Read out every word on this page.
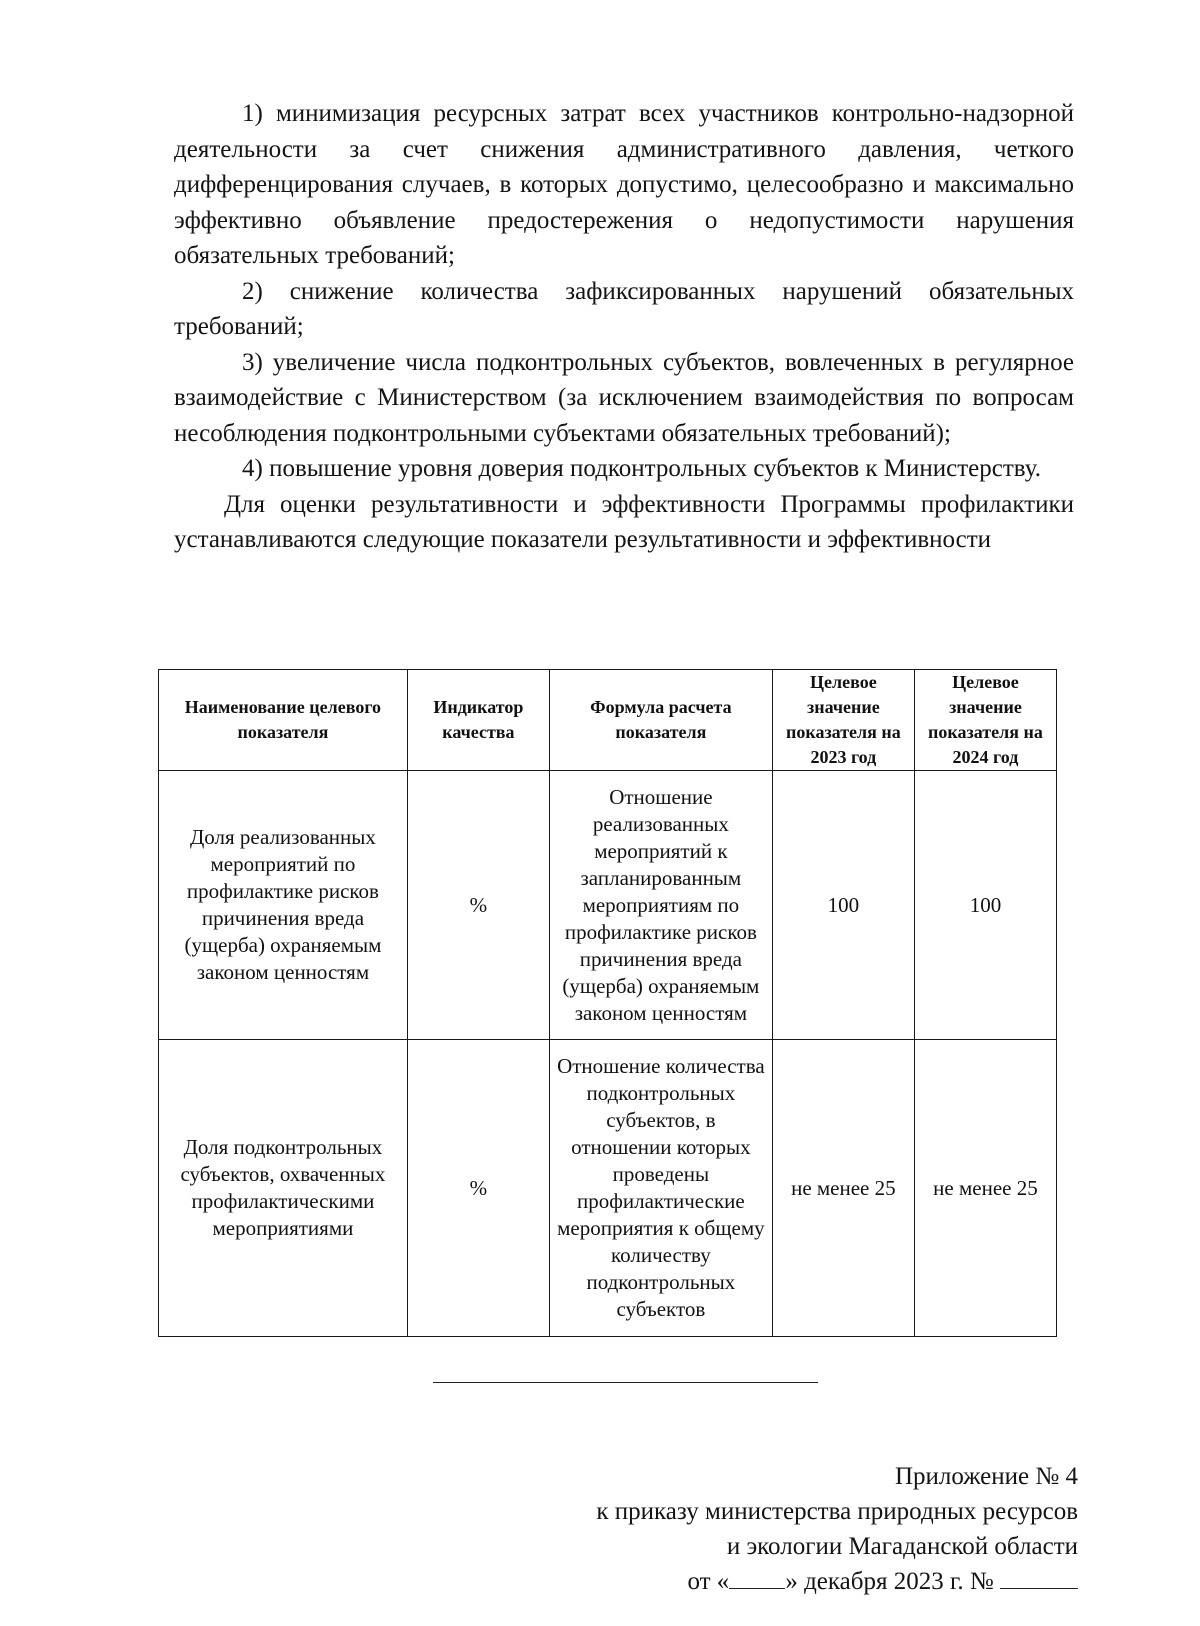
1) минимизация ресурсных затрат всех участников контрольно-надзорной деятельности за счет снижения административного давления, четкого дифференцирования случаев, в которых допустимо, целесообразно и максимально эффективно объявление предостережения о недопустимости нарушения обязательных требований;

2) снижение количества зафиксированных нарушений обязательных требований;

3) увеличение числа подконтрольных субъектов, вовлеченных в регулярное взаимодействие с Министерством (за исключением взаимодействия по вопросам несоблюдения подконтрольными субъектами обязательных требований);

4) повышение уровня доверия подконтрольных субъектов к Министерству.

Для оценки результативности и эффективности Программы профилактики устанавливаются следующие показатели результативности и эффективности

Наименование целевого показателя	Индикатор качества	Формула расчета показателя	Целевое значение показателя на 2023 год	Целевое значение показателя на 2024 год
Доля реализованных мероприятий по профилактике рисков причинения вреда (ущерба) охраняемым законом ценностям	%	Отношение реализованных мероприятий к запланированным мероприятиям по профилактике рисков причинения вреда (ущерба) охраняемым законом ценностям	100	100
Доля подконтрольных субъектов, охваченных профилактическими мероприятиями	%	Отношение количества подконтрольных субъектов, в отношении которых проведены профилактические мероприятия к общему количеству подконтрольных субъектов	не менее 25	не менее 25
Приложение № 4
к приказу министерства природных ресурсов
и экологии Магаданской области
от « » декабря 2023 г. №
